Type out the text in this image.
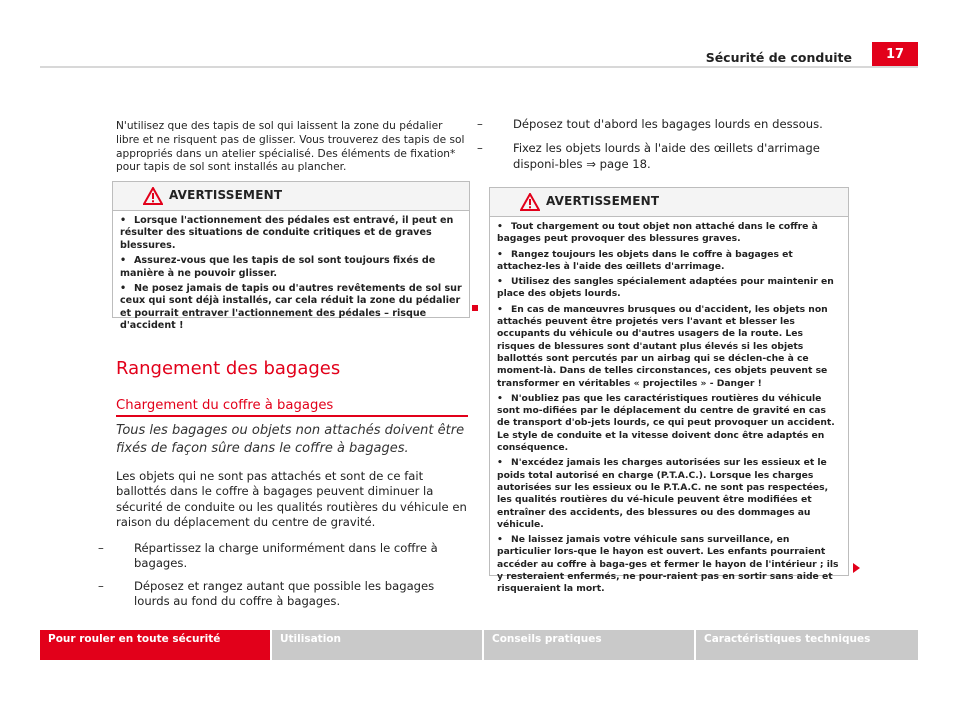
Sécurité de conduite	17
N'utilisez que des tapis de sol qui laissent la zone du pédalier libre et ne risquent pas de glisser. Vous trouverez des tapis de sol appropriés dans un atelier spécialisé. Des éléments de fixation* pour tapis de sol sont installés au plancher.
AVERTISSEMENT
• Lorsque l'actionnement des pédales est entravé, il peut en résulter des situations de conduite critiques et de graves blessures.
• Assurez-vous que les tapis de sol sont toujours fixés de manière à ne pouvoir glisser.
• Ne posez jamais de tapis ou d'autres revêtements de sol sur ceux qui sont déjà installés, car cela réduit la zone du pédalier et pourrait entraver l'actionnement des pédales – risque d'accident !
Rangement des bagages
Chargement du coffre à bagages
Tous les bagages ou objets non attachés doivent être fixés de façon sûre dans le coffre à bagages.
Les objets qui ne sont pas attachés et sont de ce fait ballottés dans le coffre à bagages peuvent diminuer la sécurité de conduite ou les qualités routières du véhicule en raison du déplacement du centre de gravité.
–	Répartissez la charge uniformément dans le coffre à bagages.
–	Déposez et rangez autant que possible les bagages lourds au fond du coffre à bagages.
–	Déposez tout d'abord les bagages lourds en dessous.
–	Fixez les objets lourds à l'aide des œillets d'arrimage disponi-bles ⇒ page 18.
AVERTISSEMENT
• Tout chargement ou tout objet non attaché dans le coffre à bagages peut provoquer des blessures graves.
• Rangez toujours les objets dans le coffre à bagages et attachez-les à l'aide des œillets d'arrimage.
• Utilisez des sangles spécialement adaptées pour maintenir en place des objets lourds.
• En cas de manœuvres brusques ou d'accident, les objets non attachés peuvent être projetés vers l'avant et blesser les occupants du véhicule ou d'autres usagers de la route. Les risques de blessures sont d'autant plus élevés si les objets ballottés sont percutés par un airbag qui se déclen-che à ce moment-là. Dans de telles circonstances, ces objets peuvent se transformer en véritables « projectiles » - Danger !
• N'oubliez pas que les caractéristiques routières du véhicule sont mo-difiées par le déplacement du centre de gravité en cas de transport d'ob-jets lourds, ce qui peut provoquer un accident. Le style de conduite et la vitesse doivent donc être adaptés en conséquence.
• N'excédez jamais les charges autorisées sur les essieux et le poids total autorisé en charge (P.T.A.C.). Lorsque les charges autorisées sur les essieux ou le P.T.A.C. ne sont pas respectées, les qualités routières du vé-hicule peuvent être modifiées et entraîner des accidents, des blessures ou des dommages au véhicule.
• Ne laissez jamais votre véhicule sans surveillance, en particulier lors-que le hayon est ouvert. Les enfants pourraient accéder au coffre à baga-ges et fermer le hayon de l'intérieur ; ils y resteraient enfermés, ne pour-raient pas en sortir sans aide et risqueraient la mort.
Pour rouler en toute sécurité	Utilisation	Conseils pratiques	Caractéristiques techniques
